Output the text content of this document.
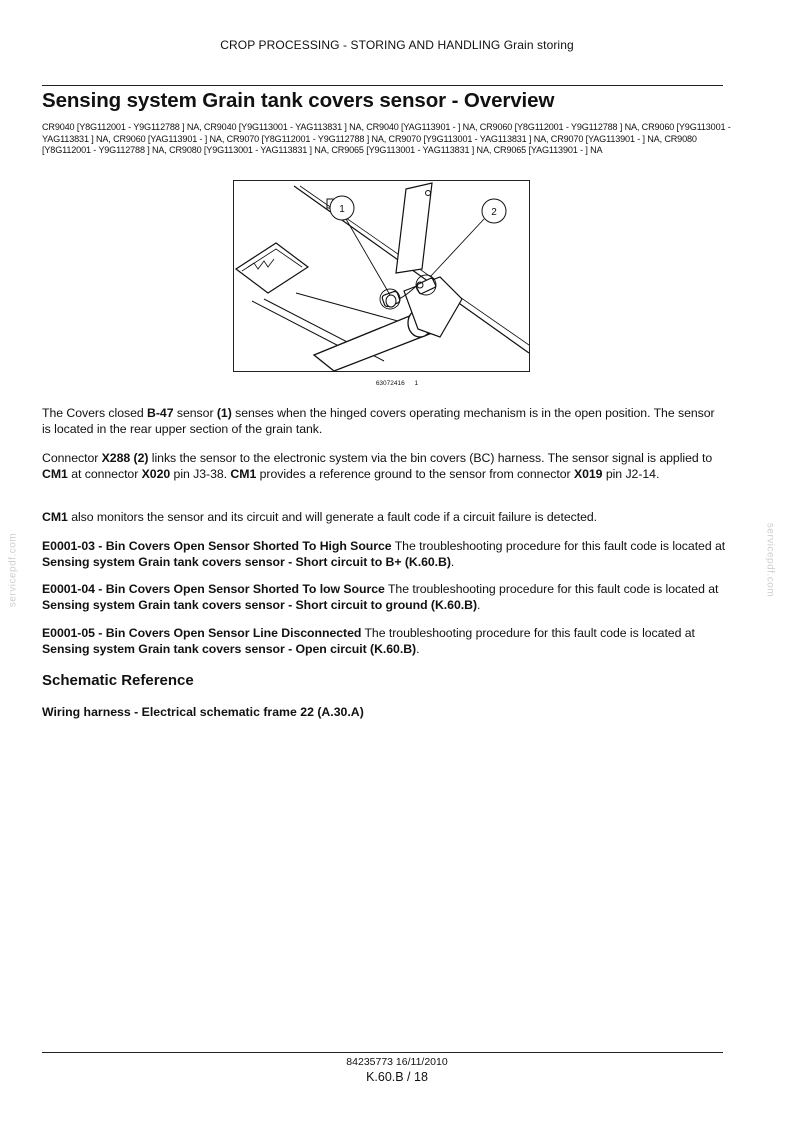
CROP PROCESSING - STORING AND HANDLING Grain storing
Sensing system Grain tank covers sensor - Overview
CR9040 [Y8G112001 - Y9G112788 ] NA, CR9040 [Y9G113001 - YAG113831 ] NA, CR9040 [YAG113901 - ] NA, CR9060 [Y8G112001 - Y9G112788 ] NA, CR9060 [Y9G113001 - YAG113831 ] NA, CR9060 [YAG113901 - ] NA, CR9070 [Y8G112001 - Y9G112788 ] NA, CR9070 [Y9G113001 - YAG113831 ] NA, CR9070 [YAG113901 - ] NA, CR9080 [Y8G112001 - Y9G112788 ] NA, CR9080 [Y9G113001 - YAG113831 ] NA, CR9065 [Y9G113001 - YAG113831 ] NA, CR9065 [YAG113901 - ] NA
1	2
63072416 1

The Covers closed B-47 sensor (1) senses when the hinged covers operating mechanism is in the open position. The sensor is located in the rear upper section of the grain tank.

Connector X288 (2) links the sensor to the electronic system via the bin covers (BC) harness. The sensor signal is applied to CM1 at connector X020 pin J3-38. CM1 provides a reference ground to the sensor from connector X019 pin J2-14.

CM1 also monitors the sensor and its circuit and will generate a fault code if a circuit failure is detected.

E0001-03 - Bin Covers Open Sensor Shorted To High Source The troubleshooting procedure for this fault code is located at Sensing system Grain tank covers sensor - Short circuit to B+ (K.60.B).

E0001-04 - Bin Covers Open Sensor Shorted To low Source The troubleshooting procedure for this fault code is located at Sensing system Grain tank covers sensor - Short circuit to ground (K.60.B).

E0001-05 - Bin Covers Open Sensor Line Disconnected The troubleshooting procedure for this fault code is located at Sensing system Grain tank covers sensor - Open circuit (K.60.B).

Schematic Reference

Wiring harness - Electrical schematic frame 22 (A.30.A)

servicepdf.com	servicepdf.com
84235773 16/11/2010
K.60.B / 18
